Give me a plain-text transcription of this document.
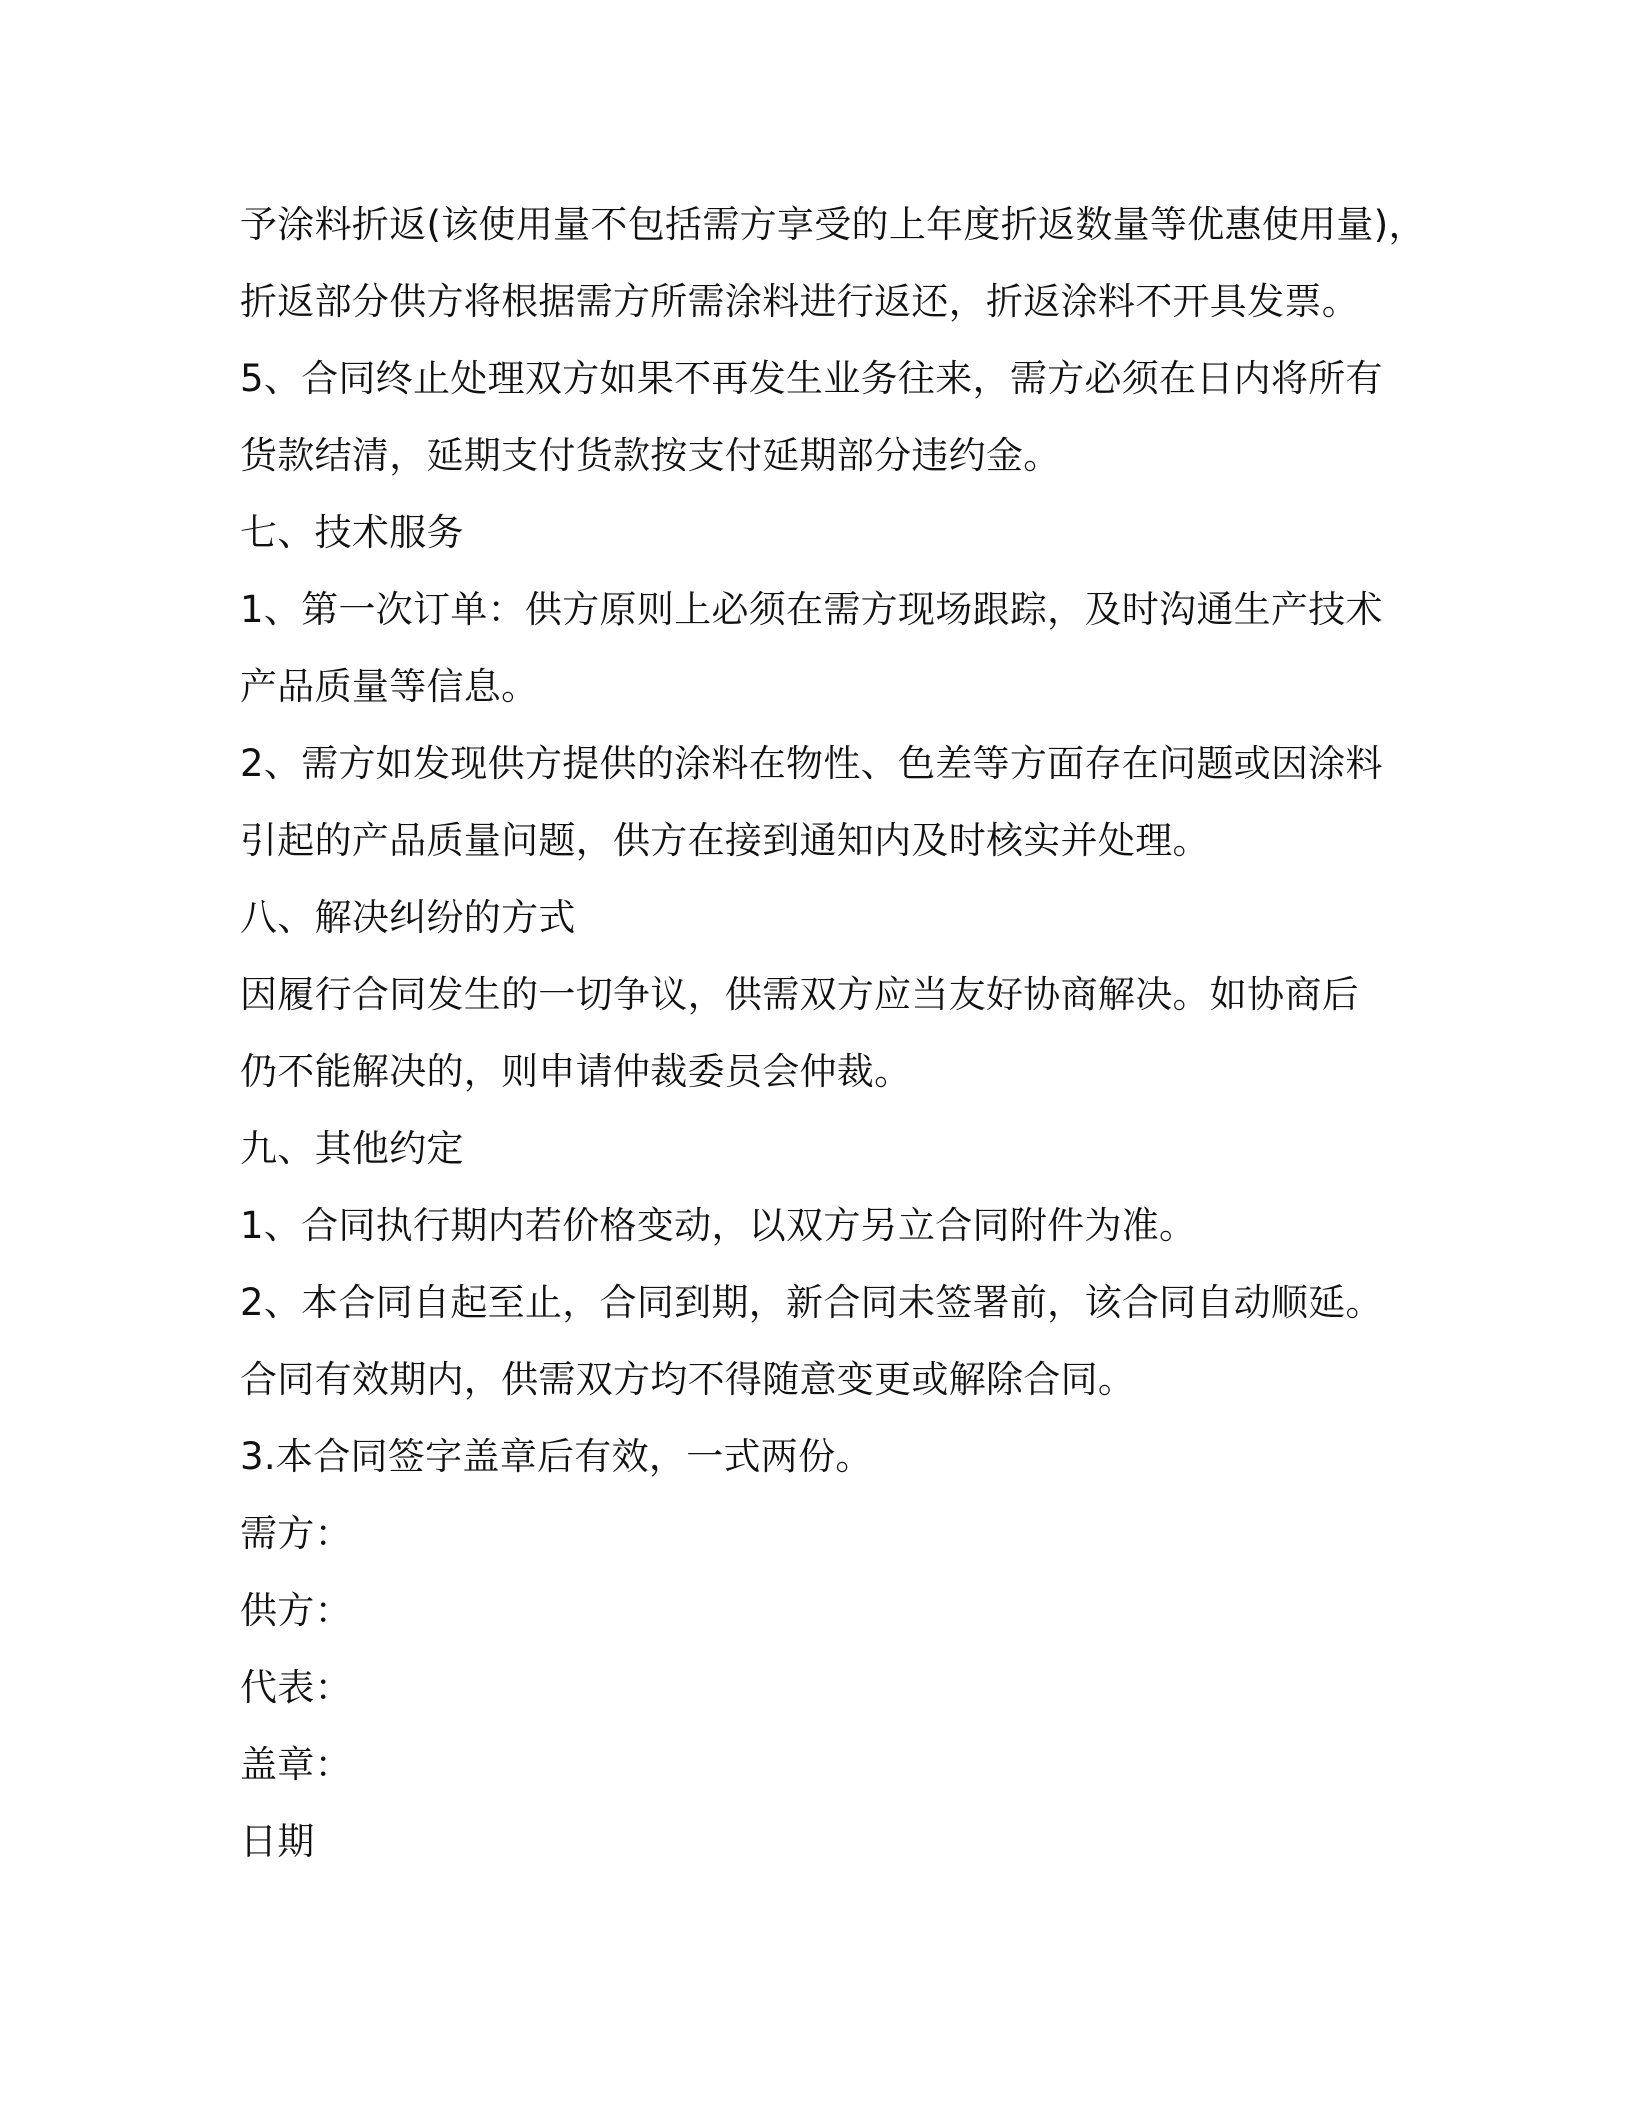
予涂料折返(该使用量不包括需方享受的上年度折返数量等优惠使用量)，
折返部分供方将根据需方所需涂料进行返还，折返涂料不开具发票。
5、合同终止处理双方如果不再发生业务往来，需方必须在日内将所有
货款结清，延期支付货款按支付延期部分违约金。
七、技术服务
1、第一次订单：供方原则上必须在需方现场跟踪，及时沟通生产技术
产品质量等信息。
2、需方如发现供方提供的涂料在物性、色差等方面存在问题或因涂料
引起的产品质量问题，供方在接到通知内及时核实并处理。
八、解决纠纷的方式
因履行合同发生的一切争议，供需双方应当友好协商解决。如协商后
仍不能解决的，则申请仲裁委员会仲裁。
九、其他约定
1、合同执行期内若价格变动，以双方另立合同附件为准。
2、本合同自起至止，合同到期，新合同未签署前，该合同自动顺延。
合同有效期内，供需双方均不得随意变更或解除合同。
3.本合同签字盖章后有效，一式两份。
需方：
供方：
代表：
盖章：
日期
